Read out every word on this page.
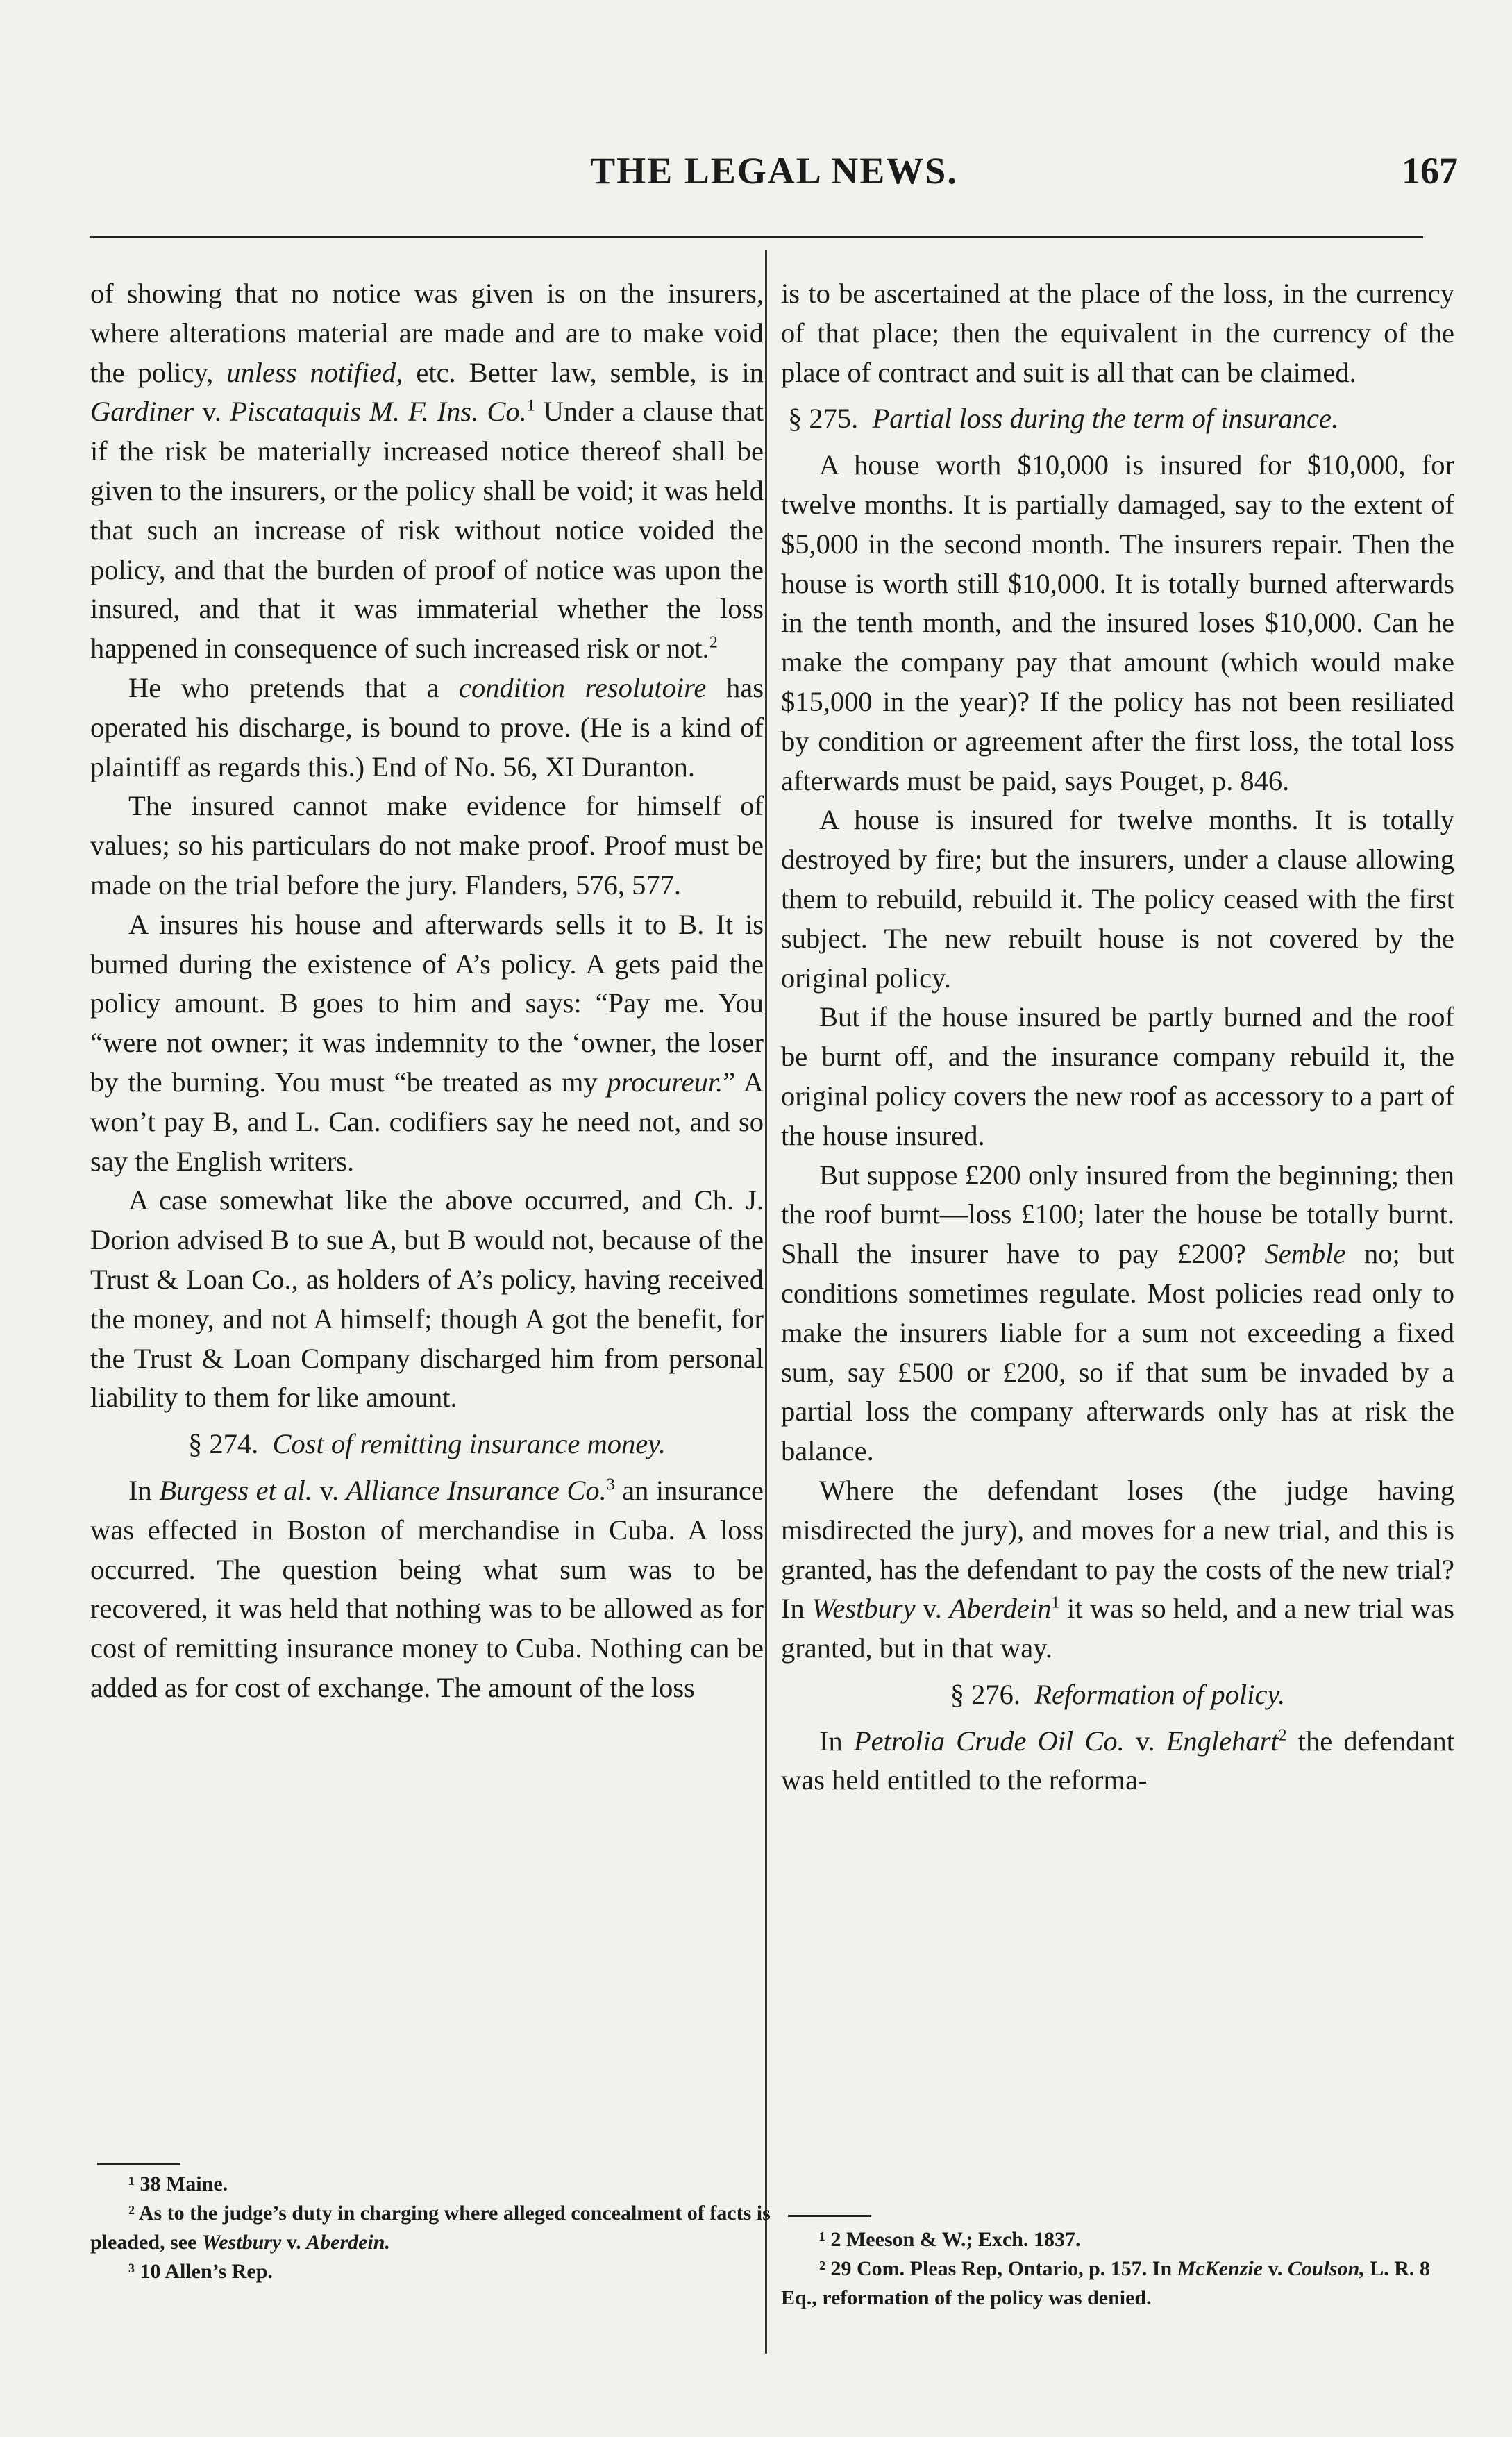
THE LEGAL NEWS.	167

of showing that no notice was given is on the insurers, where alterations material are made and are to make void the policy, unless notified, etc. Better law, semble, is in Gardiner v. Piscataquis M. F. Ins. Co.$^1$ Under a clause that if the risk be materially increased notice thereof shall be given to the insurers, or the policy shall be void; it was held that such an increase of risk without notice voided the policy, and that the burden of proof of notice was upon the insured, and that it was immaterial whether the loss happened in consequence of such increased risk or not.$^2$

He who pretends that a condition resolutoire has operated his discharge, is bound to prove. (He is a kind of plaintiff as regards this.) End of No. 56, XI Duranton.

The insured cannot make evidence for himself of values; so his particulars do not make proof. Proof must be made on the trial before the jury. Flanders, 576, 577.

A insures his house and afterwards sells it to B. It is burned during the existence of A’s policy. A gets paid the policy amount. B goes to him and says: “Pay me. You “were not owner; it was indemnity to the ‘owner, the loser by the burning. You must “be treated as my procureur.” A won’t pay B, and L. Can. codifiers say he need not, and so say the English writers.

A case somewhat like the above occurred, and Ch. J. Dorion advised B to sue A, but B would not, because of the Trust & Loan Co., as holders of A’s policy, having received the money, and not A himself; though A got the benefit, for the Trust & Loan Company discharged him from personal liability to them for like amount.

§ 274. Cost of remitting insurance money.

In Burgess et al. v. Alliance Insurance Co.$^3$ an insurance was effected in Boston of merchandise in Cuba. A loss occurred. The question being what sum was to be recovered, it was held that nothing was to be allowed as for cost of remitting insurance money to Cuba. Nothing can be added as for cost of exchange. The amount of the loss

¹ 38 Maine.

² As to the judge’s duty in charging where alleged concealment of facts is pleaded, see Westbury v. Aberdein.

³ 10 Allen’s Rep.

is to be ascertained at the place of the loss, in the currency of that place; then the equivalent in the currency of the place of contract and suit is all that can be claimed.

§ 275. Partial loss during the term of insurance.

A house worth $10,000 is insured for $10,000, for twelve months. It is partially damaged, say to the extent of $5,000 in the second month. The insurers repair. Then the house is worth still $10,000. It is totally burned afterwards in the tenth month, and the insured loses $10,000. Can he make the company pay that amount (which would make $15,000 in the year)? If the policy has not been resiliated by condition or agreement after the first loss, the total loss afterwards must be paid, says Pouget, p. 846.

A house is insured for twelve months. It is totally destroyed by fire; but the insurers, under a clause allowing them to rebuild, rebuild it. The policy ceased with the first subject. The new rebuilt house is not covered by the original policy.

But if the house insured be partly burned and the roof be burnt off, and the insurance company rebuild it, the original policy covers the new roof as accessory to a part of the house insured.

But suppose £200 only insured from the beginning; then the roof burnt—loss £100; later the house be totally burnt. Shall the insurer have to pay £200? Semble no; but conditions sometimes regulate. Most policies read only to make the insurers liable for a sum not exceeding a fixed sum, say £500 or £200, so if that sum be invaded by a partial loss the company afterwards only has at risk the balance.

Where the defendant loses (the judge having misdirected the jury), and moves for a new trial, and this is granted, has the defendant to pay the costs of the new trial? In Westbury v. Aberdein$^1$ it was so held, and a new trial was granted, but in that way.

§ 276. Reformation of policy.

In Petrolia Crude Oil Co. v. Englehart$^2$ the defendant was held entitled to the reforma-

¹ 2 Meeson & W.; Exch. 1837.

² 29 Com. Pleas Rep, Ontario, p. 157. In McKenzie v. Coulson, L. R. 8 Eq., reformation of the policy was denied.
